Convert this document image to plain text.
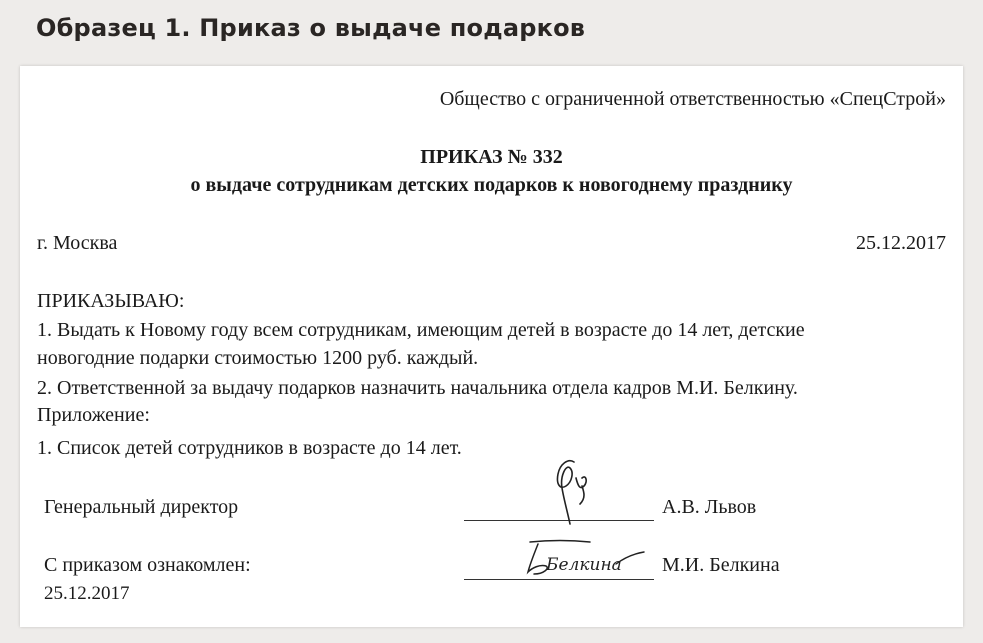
Образец 1. Приказ о выдаче подарков
Общество с ограниченной ответственностью «СпецСтрой»
ПРИКАЗ № 332
о выдаче сотрудникам детских подарков к новогоднему празднику
г. Москва	25.12.2017
ПРИКАЗЫВАЮ:
1. Выдать к Новому году всем сотрудникам, имеющим детей в возрасте до 14 лет, детские
новогодние подарки стоимостью 1200 руб. каждый.
2. Ответственной за выдачу подарков назначить начальника отдела кадров М.И. Белкину.
Приложение:
1. Список детей сотрудников в возрасте до 14 лет.
Генеральный директор	А.В. Львов
С приказом ознакомлен:	Белкина М.И. Белкина
25.12.2017
